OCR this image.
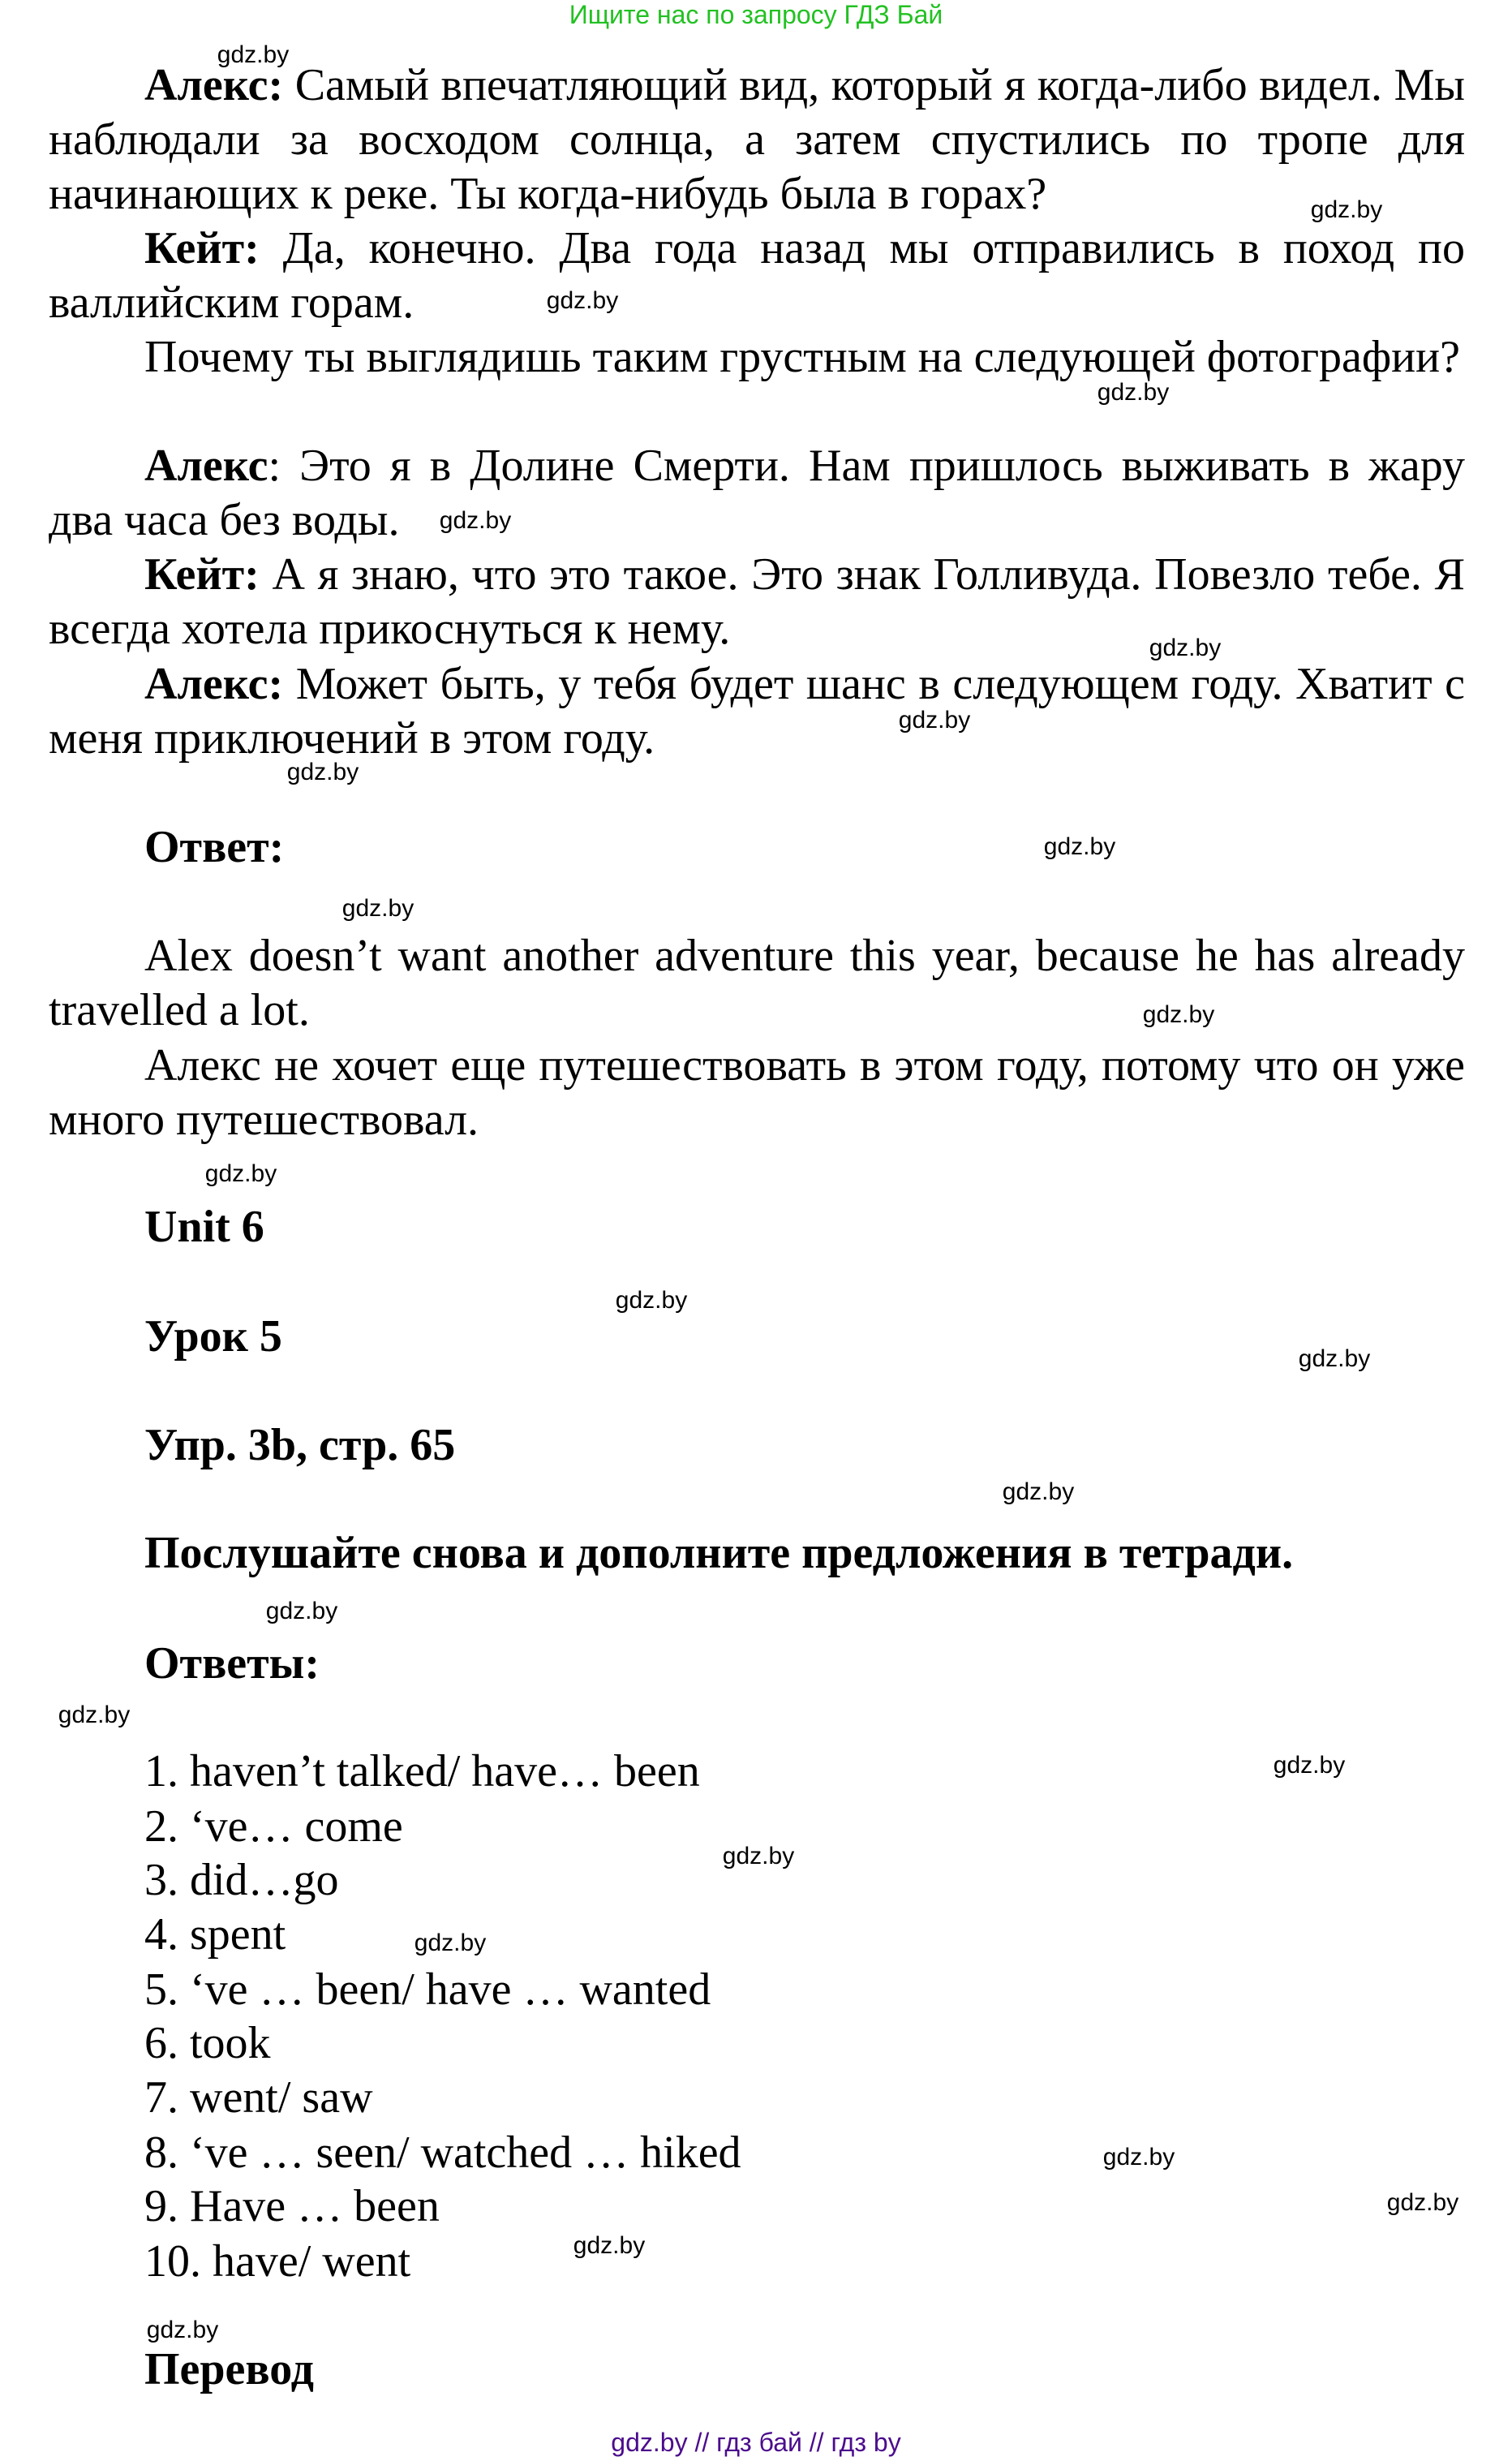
Ищите нас по запросу ГДЗ Бай
Алекс: Самый впечатляющий вид, который я когда-либо видел. Мы наблюдали за восходом солнца, а затем спустились по тропе для начинающих к реке. Ты когда-нибудь была в горах?
Кейт: Да, конечно. Два года назад мы отправились в поход по валлийским горам.
Почему ты выглядишь таким грустным на следующей фотографии?
Алекс: Это я в Долине Смерти. Нам пришлось выживать в жару два часа без воды.
Кейт: А я знаю, что это такое. Это знак Голливуда. Повезло тебе. Я всегда хотела прикоснуться к нему.
Алекс: Может быть, у тебя будет шанс в следующем году. Хватит с меня приключений в этом году.
Ответ:
Alex doesn’t want another adventure this year, because he has already travelled a lot.
Алекс не хочет еще путешествовать в этом году, потому что он уже много путешествовал.
Unit 6
Урок 5
Упр. 3b, стр. 65
Послушайте снова и дополните предложения в тетради.
Ответы:
1. haven’t talked/ have… been
2. ‘ve… come
3. did…go
4. spent
5. ‘ve … been/ have … wanted
6. took
7. went/ saw
8. ‘ve … seen/ watched … hiked
9. Have … been
10. have/ went
Перевод
gdz.by
gdz.by
gdz.by
gdz.by
gdz.by
gdz.by
gdz.by
gdz.by
gdz.by
gdz.by
gdz.by
gdz.by
gdz.by
gdz.by
gdz.by
gdz.by
gdz.by
gdz.by
gdz.by
gdz.by
gdz.by
gdz.by
gdz.by
gdz.by
gdz.by // гдз бай // гдз by
